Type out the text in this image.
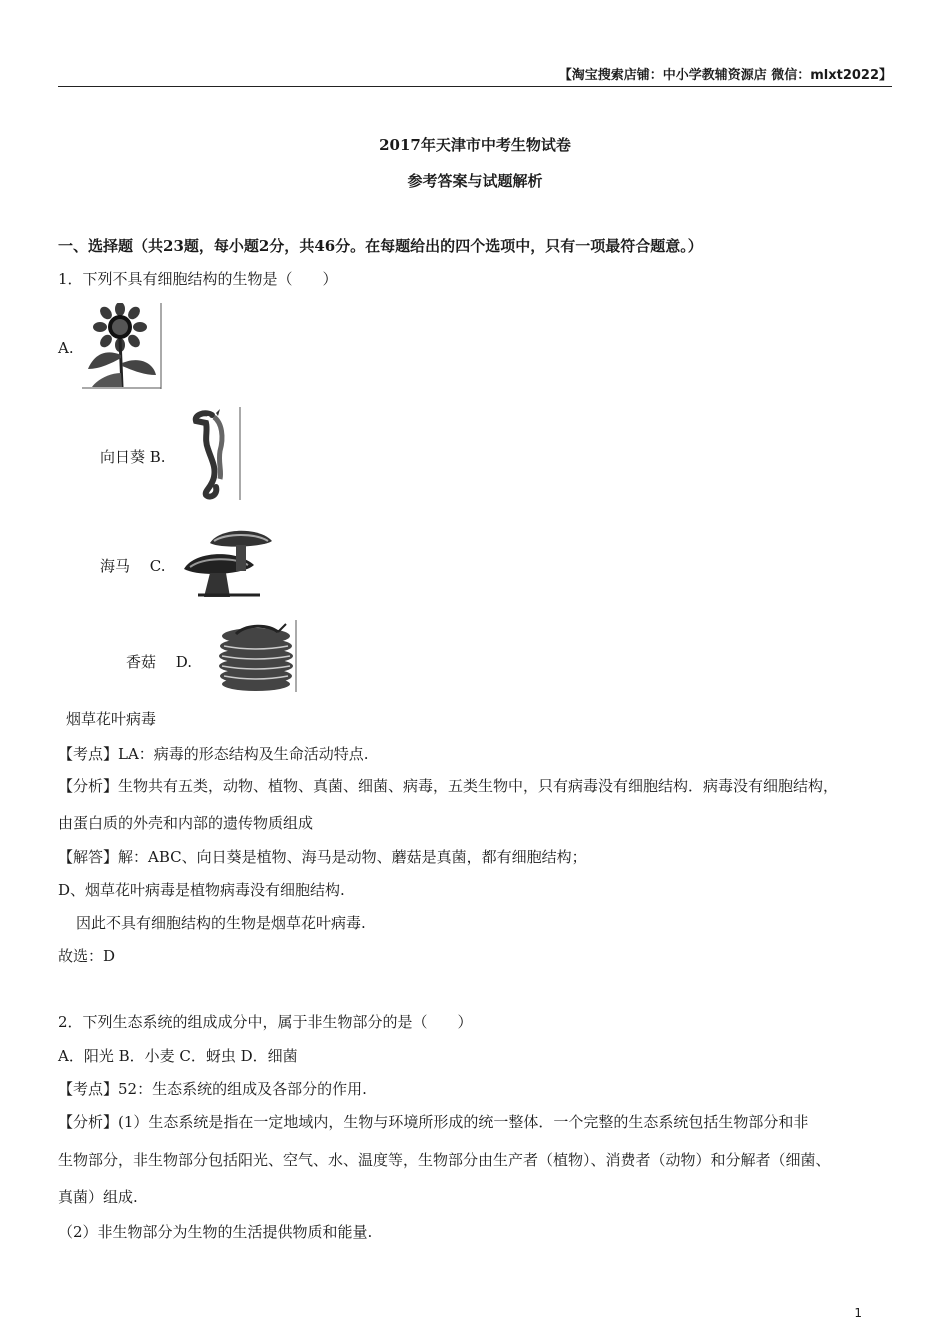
【淘宝搜索店铺：中小学教辅资源店 微信：mlxt2022】
2017年天津市中考生物试卷
参考答案与试题解析
一、选择题（共23题，每小题2分，共46分。在每题给出的四个选项中，只有一项最符合题意。）
1．下列不具有细胞结构的生物是（　　）
A.
向日葵 B.
海马　 C.
香菇　 D.
烟草花叶病毒
【考点】LA：病毒的形态结构及生命活动特点.
【分析】生物共有五类，动物、植物、真菌、细菌、病毒，五类生物中，只有病毒没有细胞结构．病毒没有细胞结构，
由蛋白质的外壳和内部的遗传物质组成
【解答】解：ABC、向日葵是植物、海马是动物、蘑菇是真菌，都有细胞结构；
D、烟草花叶病毒是植物病毒没有细胞结构.
因此不具有细胞结构的生物是烟草花叶病毒.
故选：D
2．下列生态系统的组成成分中，属于非生物部分的是（　　）
A．阳光 B．小麦 C．蚜虫 D．细菌
【考点】52：生态系统的组成及各部分的作用.
【分析】(1）生态系统是指在一定地域内，生物与环境所形成的统一整体．一个完整的生态系统包括生物部分和非
生物部分，非生物部分包括阳光、空气、水、温度等，生物部分由生产者（植物）、消费者（动物）和分解者（细菌、
真菌）组成.
（2）非生物部分为生物的生活提供物质和能量.
1
